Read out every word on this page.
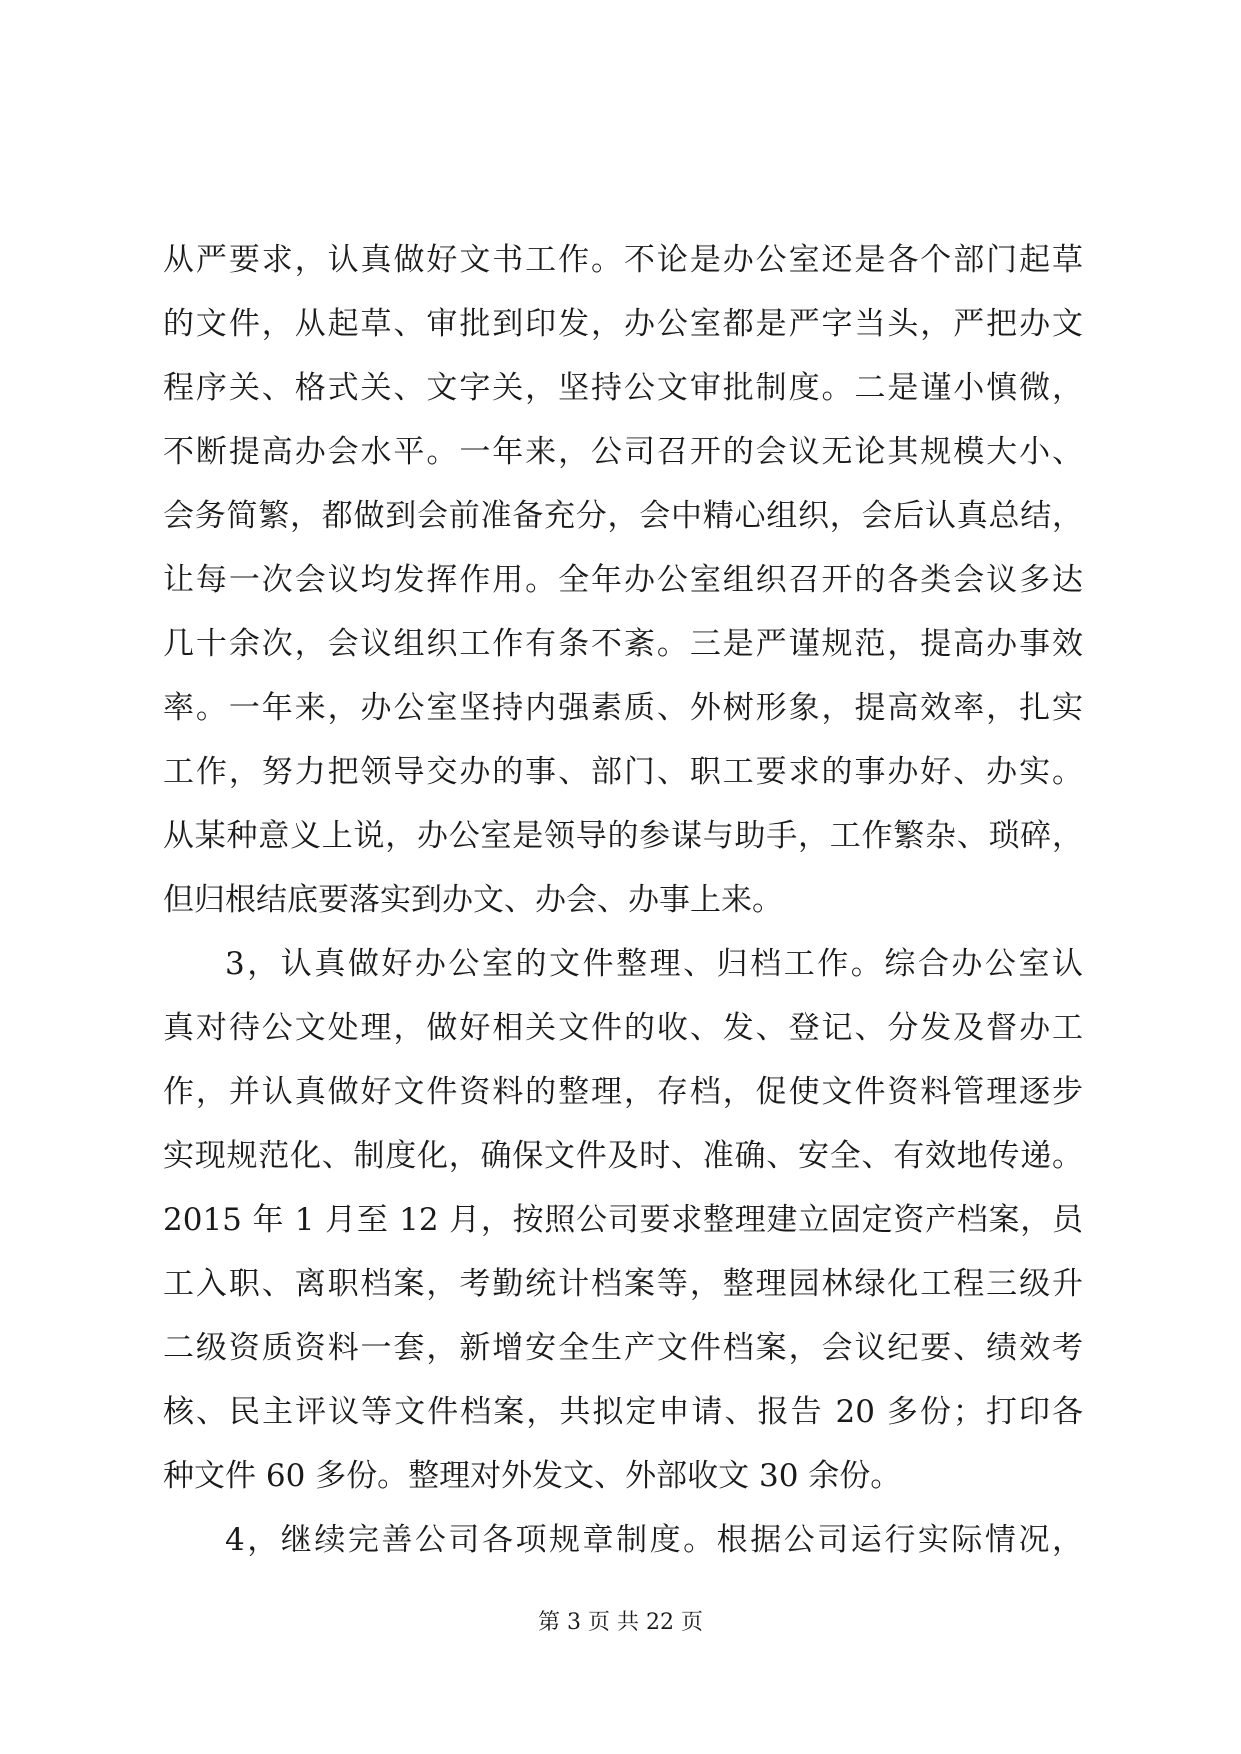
从严要求，认真做好文书工作。不论是办公室还是各个部门起草
的文件，从起草、审批到印发，办公室都是严字当头，严把办文
程序关、格式关、文字关，坚持公文审批制度。二是谨小慎微，
不断提高办会水平。一年来，公司召开的会议无论其规模大小、
会务简繁，都做到会前准备充分，会中精心组织，会后认真总结，
让每一次会议均发挥作用。全年办公室组织召开的各类会议多达
几十余次，会议组织工作有条不紊。三是严谨规范，提高办事效
率。一年来，办公室坚持内强素质、外树形象，提高效率，扎实
工作，努力把领导交办的事、部门、职工要求的事办好、办实。
从某种意义上说，办公室是领导的参谋与助手，工作繁杂、琐碎，
但归根结底要落实到办文、办会、办事上来。
3，认真做好办公室的文件整理、归档工作。综合办公室认
真对待公文处理，做好相关文件的收、发、登记、分发及督办工
作，并认真做好文件资料的整理，存档，促使文件资料管理逐步
实现规范化、制度化，确保文件及时、准确、安全、有效地传递。
2015 年 1 月至 12 月，按照公司要求整理建立固定资产档案，员
工入职、离职档案，考勤统计档案等，整理园林绿化工程三级升
二级资质资料一套，新增安全生产文件档案，会议纪要、绩效考
核、民主评议等文件档案，共拟定申请、报告 20 多份；打印各
种文件 60 多份。整理对外发文、外部收文 30 余份。
4，继续完善公司各项规章制度。根据公司运行实际情况，
第 3 页 共 22 页
